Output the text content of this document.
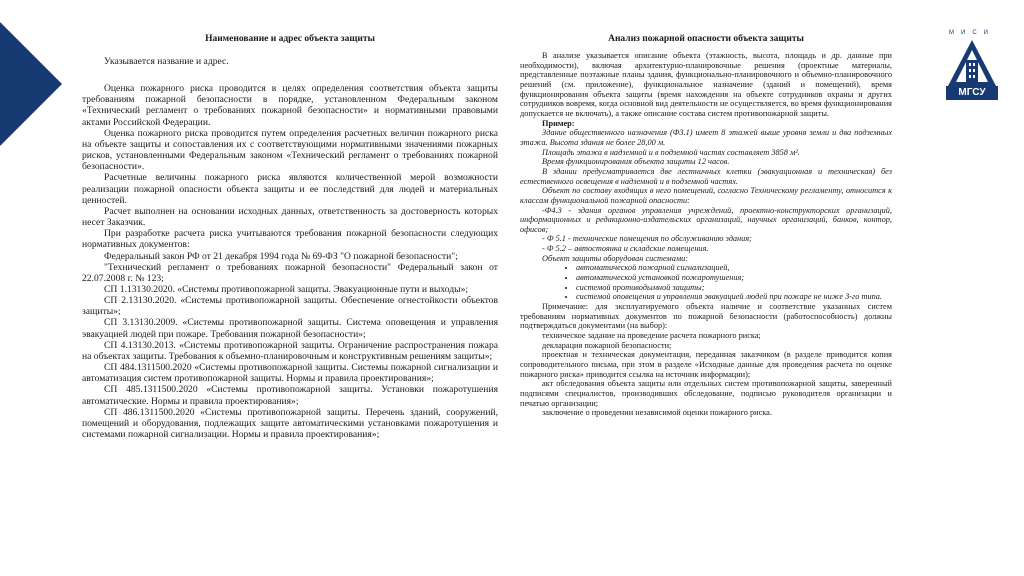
Наименование и адрес объекта защиты

Указывается название и адрес.

Оценка пожарного риска проводится в целях определения соответствия объекта защиты требованиям пожарной безопасности в порядке, установленном Федеральным законом «Технический регламент о требованиях пожарной безопасности» и нормативными правовыми актами Российской Федерации.

Оценка пожарного риска проводится путем определения расчетных величин пожарного риска на объекте защиты и сопоставления их с соответствующими нормативными значениями пожарных рисков, установленными Федеральным законом «Технический регламент о требованиях пожарной безопасности».

Расчетные величины пожарного риска являются количественной мерой возможности реализации пожарной опасности объекта защиты и ее последствий для людей и материальных ценностей.

Расчет выполнен на основании исходных данных, ответственность за достоверность которых несет Заказчик.

При разработке расчета риска учитываются требования пожарной безопасности следующих нормативных документов:

Федеральный закон РФ от 21 декабря 1994 года № 69-ФЗ "О пожарной безопасности";

"Технический регламент о требованиях пожарной безопасности" Федеральный закон от 22.07.2008 г. № 123;

СП 1.13130.2020. «Системы противопожарной защиты. Эвакуационные пути и выходы»;

СП 2.13130.2020. «Системы противопожарной защиты. Обеспечение огнестойкости объектов защиты»;

СП 3.13130.2009. «Системы противопожарной защиты. Система оповещения и управления эвакуацией людей при пожаре. Требования пожарной безопасности»;

СП 4.13130.2013. «Системы противопожарной защиты. Ограничение распространения пожара на объектах защиты. Требования к объемно-планировочным и конструктивным решениям защиты»;

СП 484.1311500.2020 «Системы противопожарной защиты. Системы пожарной сигнализации и автоматизация систем противопожарной защиты. Нормы и правила проектирования»;

СП 485.1311500.2020 «Системы противопожарной защиты. Установки пожаротушения автоматические. Нормы и правила проектирования»;

СП 486.1311500.2020 «Системы противопожарной защиты. Перечень зданий, сооружений, помещений и оборудования, подлежащих защите автоматическими установками пожаротушения и системами пожарной сигнализации. Нормы и правила проектирования»;

Анализ пожарной опасности объекта защиты

В анализе указывается описание объекта (этажность, высота, площадь и др. данные при необходимости), включая архитектурно-планировочные решения (проектные материалы, представленные поэтажные планы здания, функционально-планировочного и объемно-планировочного решений (см. приложение), функциональное назначение (зданий и помещений), время функционирования объекта защиты (время нахождения на объекте сотрудников охраны и других сотрудников вовремя, когда основной вид деятельности не осуществляется, во время функционирования допускается не включать), а также описание состава систем противопожарной защиты.

Пример:

Здание общественного назначения (Ф3.1) имеет 8 этажей выше уровня земли и два подземных этажа. Высота здания не более 28,00 м.

Площадь этажа в надземной и в подземной частях составляет 3858 м².

Время функционирования объекта защиты 12 часов.

В здании предусматривается две лестничных клетки (эвакуационная и техническая) без естественного освещения в надземной и в подземной частях.

Объект по составу входящих в него помещений, согласно Техническому регламенту, относится к классам функциональной пожарной опасности:

-Ф4.3 - здания органов управления учреждений, проектно-конструкторских организаций, информационных и редакционно-издательских организаций, научных организаций, банков, контор, офисов;

- Ф 5.1 - технические помещения по обслуживанию здания;

- Ф 5.2 – автостоянка и складские помещения.

Объект защиты оборудован системами:

• автоматической пожарной сигнализацией,
• автоматической установкой пожаротушения;
• системой противодымной защиты;
• системой оповещения и управления эвакуацией людей при пожаре не ниже 3-го типа.

Примечание: для эксплуатируемого объекта наличие и соответствие указанных систем требованиям нормативных документов по пожарной безопасности (работоспособность) должны подтверждаться документами (на выбор):

техническое задание на проведение расчета пожарного риска;

декларация пожарной безопасности;

проектная и техническая документация, переданная заказчиком (в разделе приводится копия сопроводительного письма, при этом в разделе «Исходные данные для проведения расчета по оценке пожарного риска» приводится ссылка на источник информации);

акт обследования объекта защиты или отдельных систем противопожарной защиты, заверенный подписями специалистов, производивших обследование, подписью руководителя организации и печатью организации;

заключение о проведении независимой оценки пожарного риска.

МИСИ
МГСУ
